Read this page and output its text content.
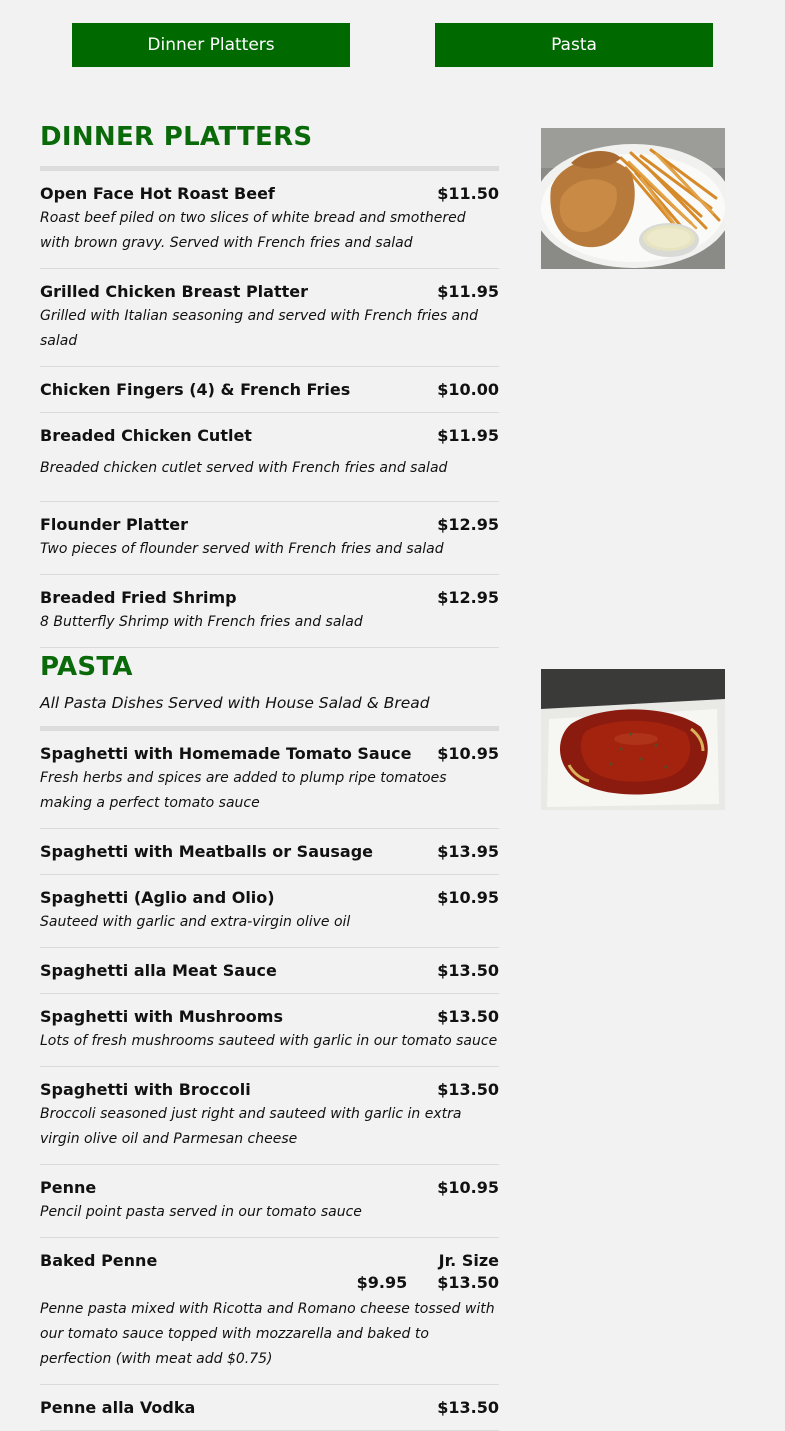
Dinner Platters	Pasta
DINNER PLATTERS
Open Face Hot Roast Beef	$11.50
Roast beef piled on two slices of white bread and smothered with brown gravy. Served with French fries and salad
Grilled Chicken Breast Platter	$11.95
Grilled with Italian seasoning and served with French fries and salad
Chicken Fingers (4) & French Fries	$10.00
Breaded Chicken Cutlet	$11.95
Breaded chicken cutlet served with French fries and salad
Flounder Platter	$12.95
Two pieces of flounder served with French fries and salad
Breaded Fried Shrimp	$12.95
8 Butterfly Shrimp with French fries and salad
PASTA
All Pasta Dishes Served with House Salad & Bread
Spaghetti with Homemade Tomato Sauce $10.95
Fresh herbs and spices are added to plump ripe tomatoes making a perfect tomato sauce
Spaghetti with Meatballs or Sausage	$13.95
Spaghetti (Aglio and Olio)	$10.95
Sauteed with garlic and extra-virgin olive oil
Spaghetti alla Meat Sauce	$13.50
Spaghetti with Mushrooms	$13.50
Lots of fresh mushrooms sauteed with garlic in our tomato sauce
Spaghetti with Broccoli	$13.50
Broccoli seasoned just right and sauteed with garlic in extra virgin olive oil and Parmesan cheese
Penne	$10.95
Pencil point pasta served in our tomato sauce
Baked Penne	Jr. Size
$9.95 $13.50
Penne pasta mixed with Ricotta and Romano cheese tossed with our tomato sauce topped with mozzarella and baked to perfection (with meat add $0.75)
Penne alla Vodka	$13.50
